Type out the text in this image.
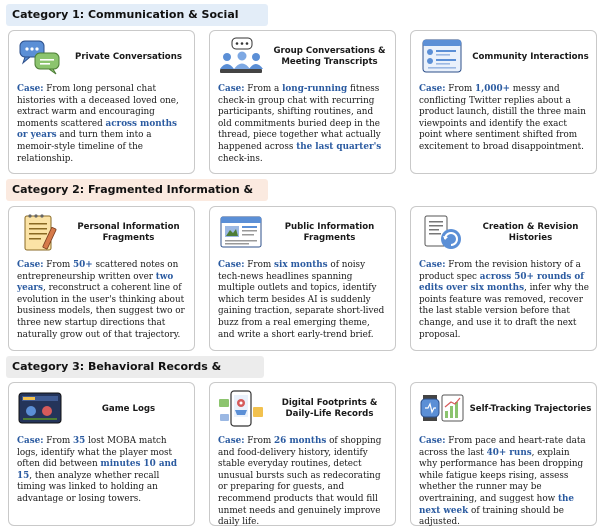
Category 1: Communication & Social
Category 2: Fragmented Information &
Category 3: Behavioral Records &
Private Conversations
Case: From long personal chat histories with a deceased loved one, extract warm and encouraging moments scattered across months or years and turn them into a memoir-style timeline of the relationship.
Group Conversations & Meeting Transcripts
Case: From a long-running fitness check-in group chat with recurring participants, shifting routines, and old commitments buried deep in the thread, piece together what actually happened across the last quarter's check-ins.
Community Interactions
Case: From 1,000+ messy and conflicting Twitter replies about a product launch, distill the three main viewpoints and identify the exact point where sentiment shifted from excitement to broad disappointment.
Personal Information Fragments
Case: From 50+ scattered notes on entrepreneurship written over two years, reconstruct a coherent line of evolution in the user's thinking about business models, then suggest two or three new startup directions that naturally grow out of that trajectory.
Public Information Fragments
Case: From six months of noisy tech-news headlines spanning multiple outlets and topics, identify which term besides AI is suddenly gaining traction, separate short-lived buzz from a real emerging theme, and write a short early-trend brief.
Creation & Revision Histories
Case: From the revision history of a product spec across 50+ rounds of edits over six months, infer why the points feature was removed, recover the last stable version before that change, and use it to draft the next proposal.
Game Logs
Case: From 35 lost MOBA match logs, identify what the player most often did between minutes 10 and 15, then analyze whether recall timing was linked to holding an advantage or losing towers.
Digital Footprints & Daily-Life Records
Case: From 26 months of shopping and food-delivery history, identify stable everyday routines, detect unusual bursts such as redecorating or preparing for guests, and recommend products that would fill unmet needs and genuinely improve daily life.
Self-Tracking Trajectories
Case: From pace and heart-rate data across the last 40+ runs, explain why performance has been dropping while fatigue keeps rising, assess whether the runner may be overtraining, and suggest how the next week of training should be adjusted.
